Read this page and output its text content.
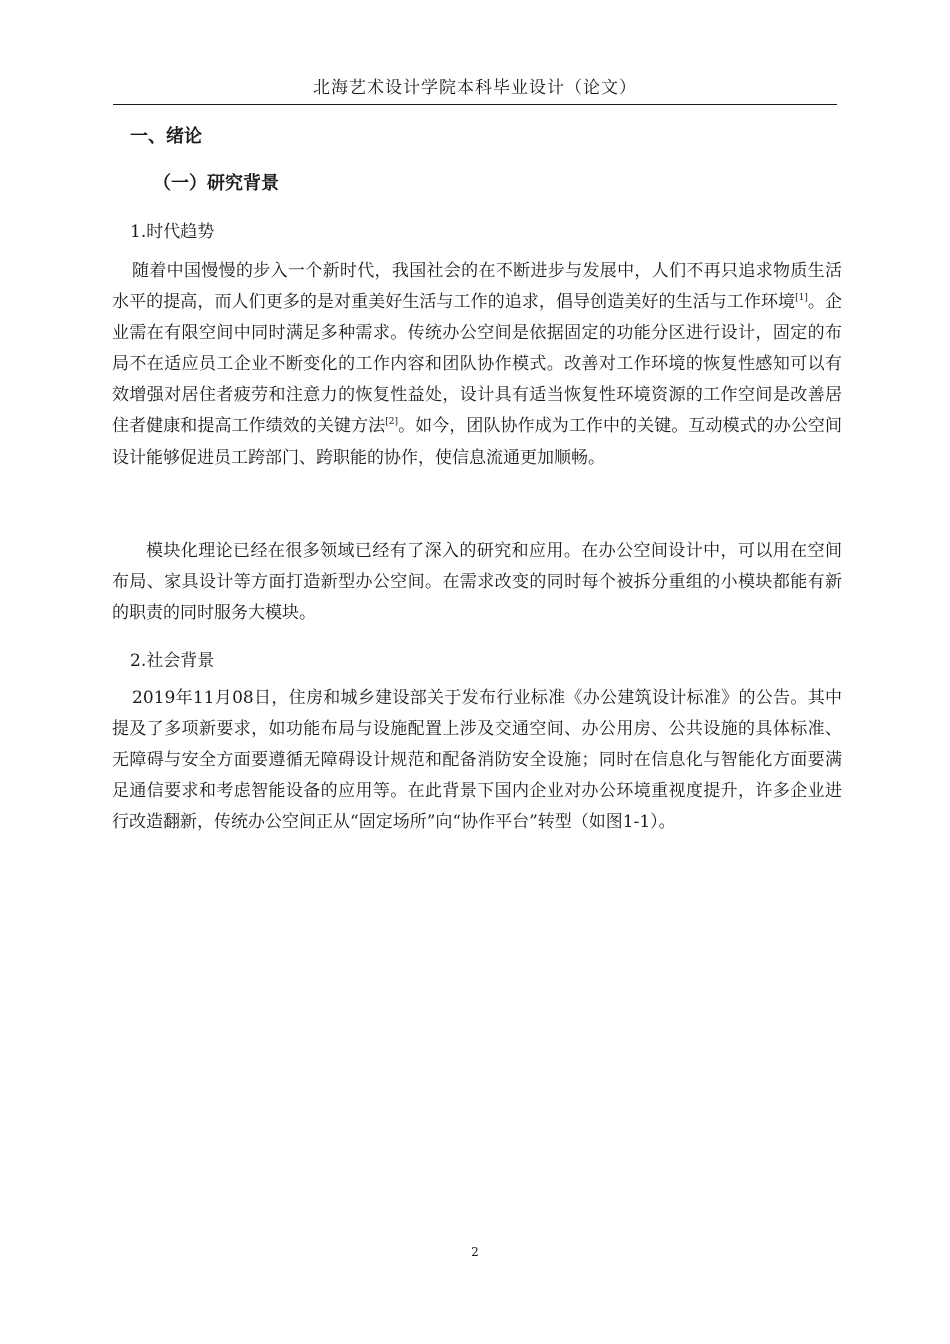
北海艺术设计学院本科毕业设计（论文）
一、绪论
（一）研究背景
1.时代趋势

随着中国慢慢的步入一个新时代，我国社会的在不断进步与发展中，人们不再只追求物质生活水平的提高，而人们更多的是对重美好生活与工作的追求，倡导创造美好的生活与工作环境[1]。企业需在有限空间中同时满足多种需求。传统办公空间是依据固定的功能分区进行设计，固定的布局不在适应员工企业不断变化的工作内容和团队协作模式。改善对工作环境的恢复性感知可以有效增强对居住者疲劳和注意力的恢复性益处，设计具有适当恢复性环境资源的工作空间是改善居住者健康和提高工作绩效的关键方法[2]。如今，团队协作成为工作中的关键。互动模式的办公空间设计能够促进员工跨部门、跨职能的协作，使信息流通更加顺畅。

模块化理论已经在很多领域已经有了深入的研究和应用。在办公空间设计中，可以用在空间布局、家具设计等方面打造新型办公空间。在需求改变的同时每个被拆分重组的小模块都能有新的职责的同时服务大模块。

2.社会背景

2019年11月08日，住房和城乡建设部关于发布行业标准《办公建筑设计标准》的公告。其中提及了多项新要求，如功能布局与设施配置上涉及交通空间、办公用房、公共设施的具体标准、无障碍与安全方面要遵循无障碍设计规范和配备消防安全设施；同时在信息化与智能化方面要满足通信要求和考虑智能设备的应用等。在此背景下国内企业对办公环境重视度提升，许多企业进行改造翻新，传统办公空间正从“固定场所”向“协作平台”转型（如图1-1）。

2
